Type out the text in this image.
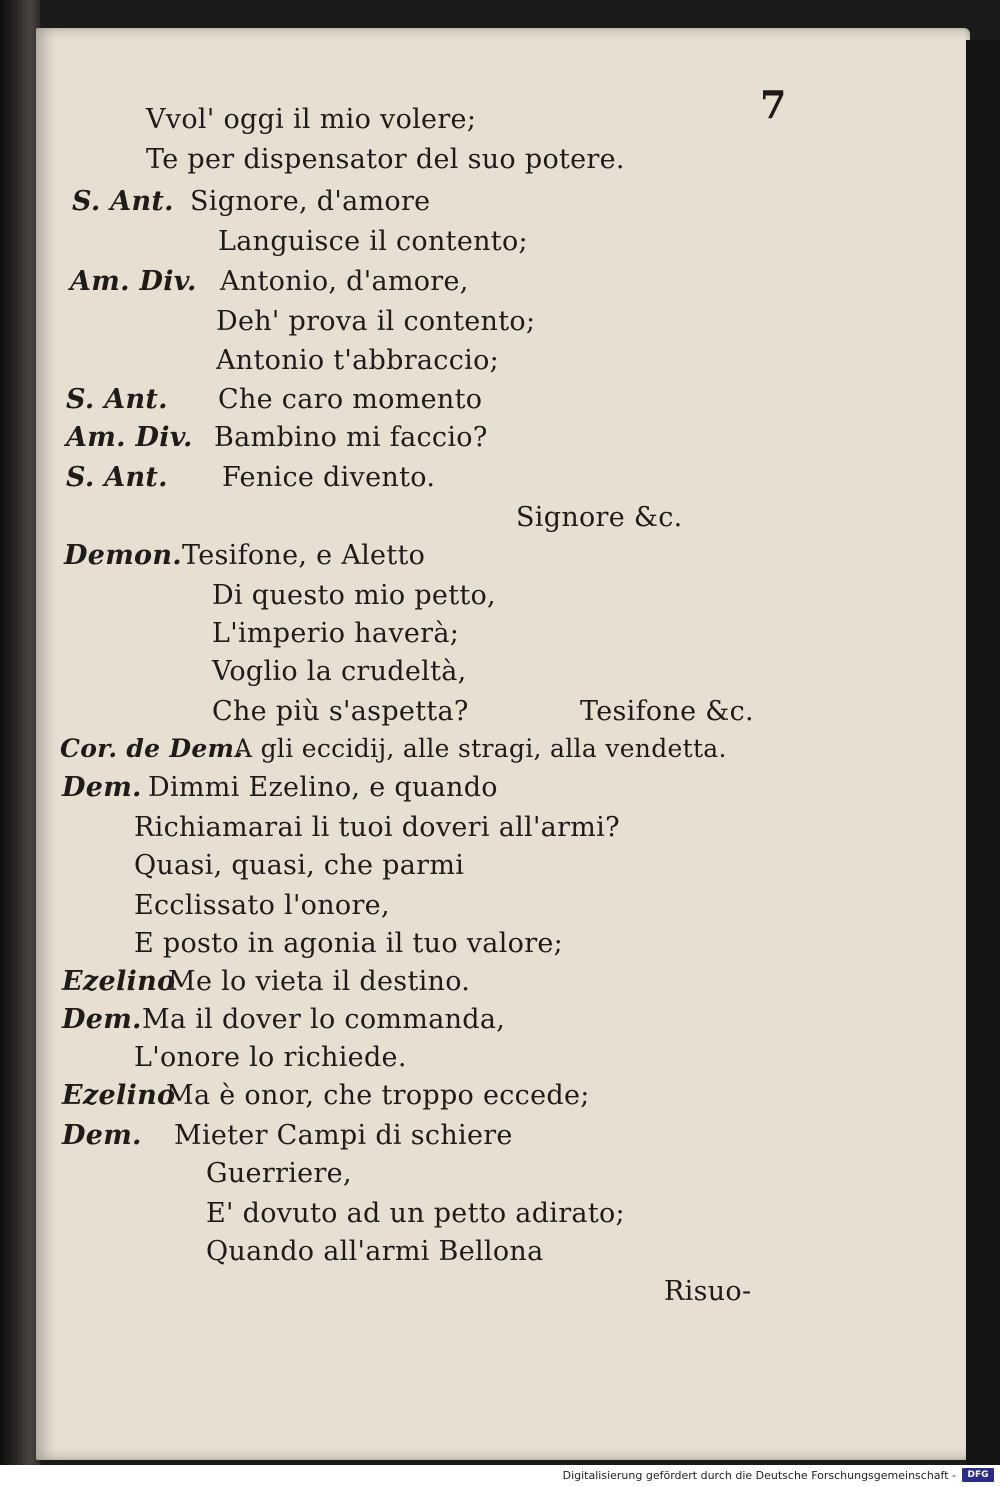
7
Vvol' oggi il mio volere;
Te per dispensator del suo potere.
S. Ant. Signore, d'amore
Languisce il contento;
Am. Div. Antonio, d'amore,
Deh' prova il contento;
Antonio t'abbraccio;
S. Ant. Che caro momento
Am. Div. Bambino mi faccio?
S. Ant. Fenice divento.
Signore &c.
Demon. Tesifone, e Aletto
Di questo mio petto,
L'imperio haverà;
Voglio la crudeltà,
Che più s'aspetta?	Tesifone &c.
Cor. de Dem.
A gli eccidij, alle stragi, alla vendetta.
Dem. Dimmi Ezelino, e quando
Richiamarai li tuoi doveri all'armi?
Quasi, quasi, che parmi
Ecclissato l'onore,
E posto in agonia il tuo valore;
Ezelino
Me lo vieta il destino.
Dem. Ma il dover lo commanda,
L'onore lo richiede.
Ezelino
Ma è onor, che troppo eccede;
Dem. Mieter Campi di schiere
Guerriere,
E' dovuto ad un petto adirato;
Quando all'armi Bellona
Risuo-
Digitalisierung gefördert durch die Deutsche Forschungsgemeinschaft -	DFG
